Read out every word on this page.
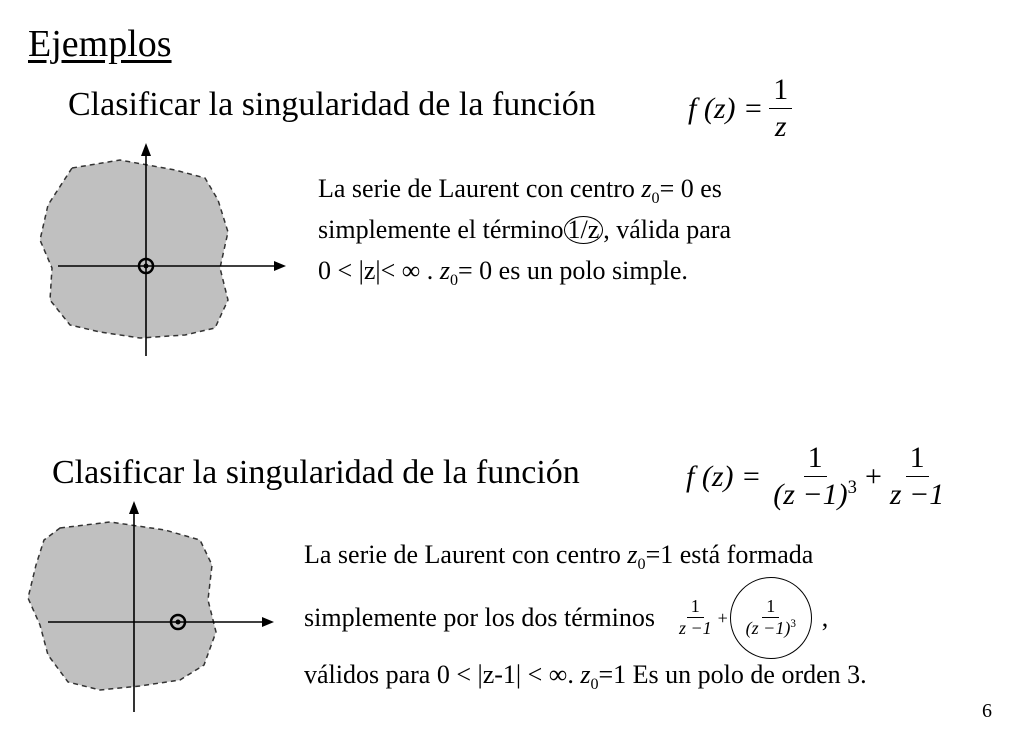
Ejemplos
Clasificar la singularidad de la función	f $(z) = \frac{1}{z}$
La serie de Laurent con centro $z_0= 0$ es
simplemente el término 1/z , válida para
0 < |z|< ∞ . $z_0= 0$ es un polo simple.
Clasificar la singularidad de la función	f $(z) = \frac{1}{(z -1)^3} + \frac{1}{z -1}$
La serie de Laurent con centro $z_0=1$ está formada
simplemente por los dos términos $\frac{1}{z -1} + \frac{1}{(z -1)^3}$ ,
válidos para 0 < |z-1| < ∞. $z_0=1$ Es un polo de orden 3.
6
